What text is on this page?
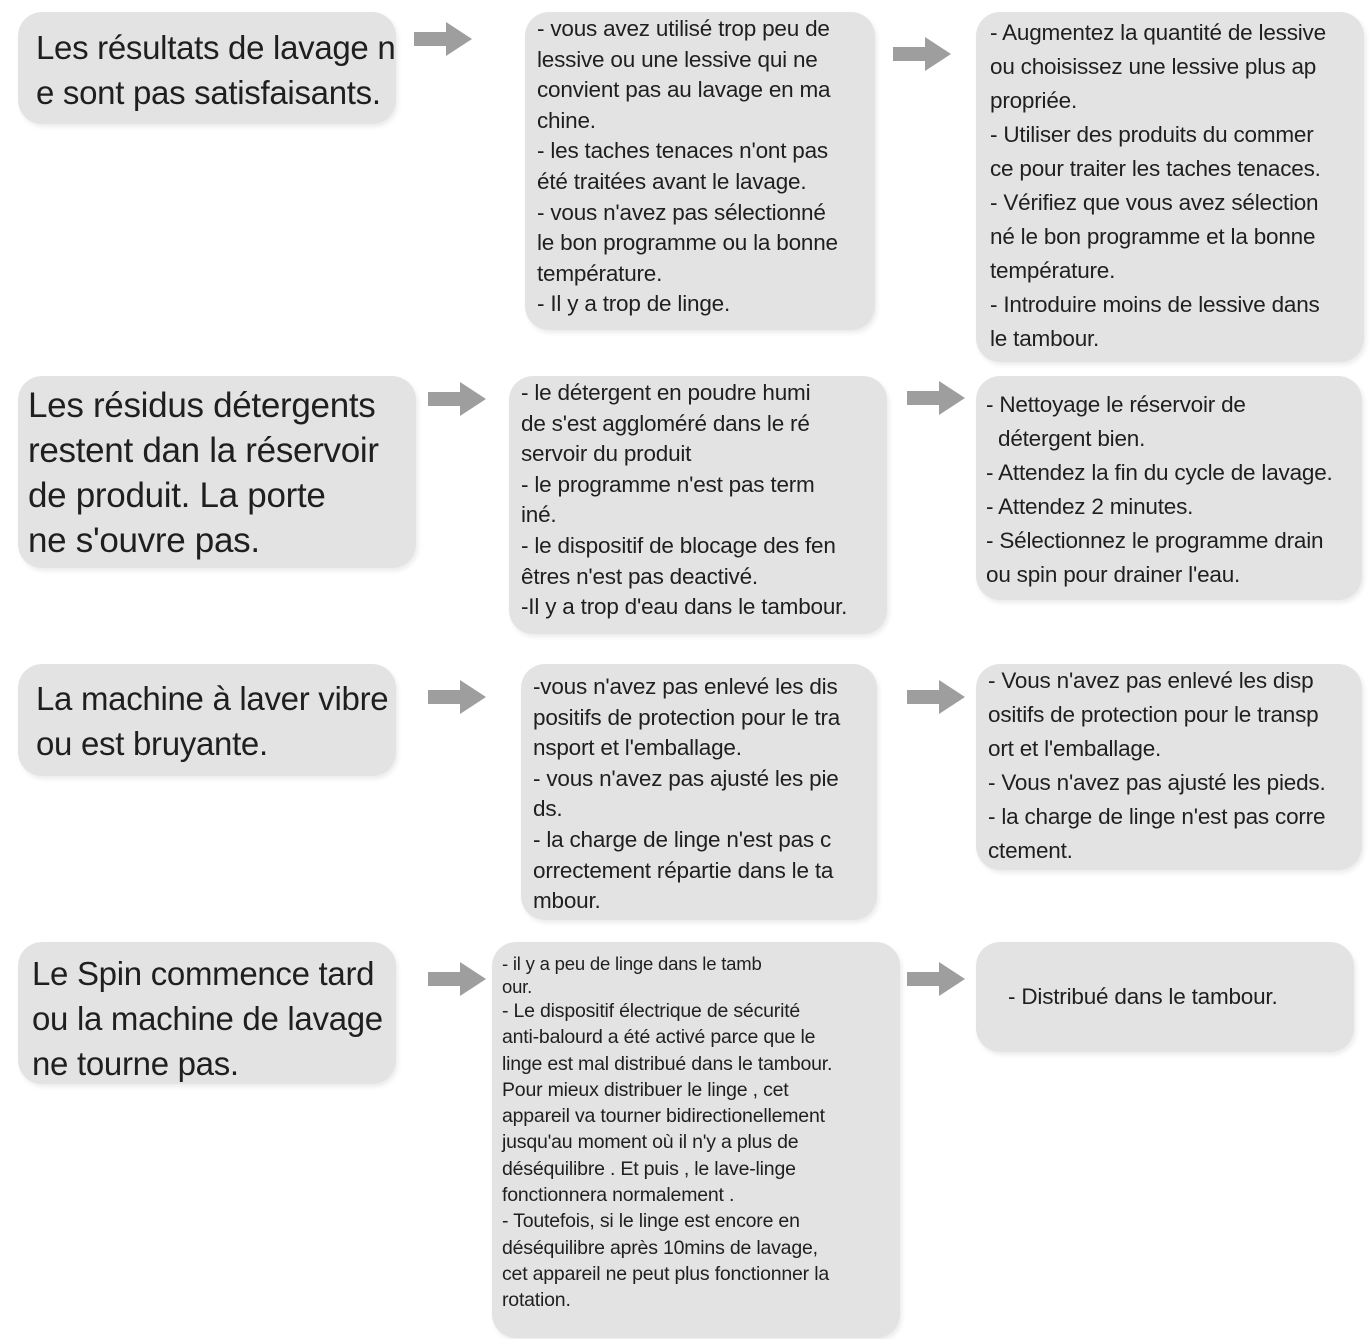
Les résultats de lavage n
e sont pas satisfaisants.
- vous avez utilisé trop peu de
lessive ou une lessive qui ne
convient pas au lavage en ma
chine.
- les taches tenaces n'ont pas
été traitées avant le lavage.
- vous n'avez pas sélectionné
le bon programme ou la bonne
température.
- Il y a trop de linge.
- Augmentez la quantité de lessive
ou choisissez une lessive plus ap
propriée.
- Utiliser des produits du commer
ce pour traiter les taches tenaces.
- Vérifiez que vous avez sélection
né le bon programme et la bonne
température.
- Introduire moins de lessive dans
le tambour.
Les résidus détergents
restent dan la réservoir
de produit. La porte
ne s'ouvre pas.
- le détergent en poudre humi
de s'est aggloméré dans le ré
servoir du produit
- le programme n'est pas term
iné.
- le dispositif de blocage des fen
êtres n'est pas deactivé.
-Il y a trop d'eau dans le tambour.
- Nettoyage le réservoir de
détergent bien.
- Attendez la fin du cycle de lavage.
- Attendez 2 minutes.
- Sélectionnez le programme drain
ou spin pour drainer l'eau.
La machine à laver vibre
ou est bruyante.
-vous n'avez pas enlevé les dis
positifs de protection pour le tra
nsport et l'emballage.
- vous n'avez pas ajusté les pie
ds.
- la charge de linge n'est pas c
orrectement répartie dans le ta
mbour.
- Vous n'avez pas enlevé les disp
ositifs de protection pour le transp
ort et l'emballage.
- Vous n'avez pas ajusté les pieds.
- la charge de linge n'est pas corre
ctement.
Le Spin commence tard
ou la machine de lavage
ne tourne pas.
- il y a peu de linge dans le tamb
our.
- Le dispositif électrique de sécurité
anti-balourd a été activé parce que le
linge est mal distribué dans le tambour.
Pour mieux distribuer le linge , cet
appareil va tourner bidirectionellement
jusqu'au moment où il n'y a plus de
déséquilibre . Et puis , le lave-linge
fonctionnera normalement .
- Toutefois, si le linge est encore en
déséquilibre après 10mins de lavage,
cet appareil ne peut plus fonctionner la
rotation.
- Distribué dans le tambour.
